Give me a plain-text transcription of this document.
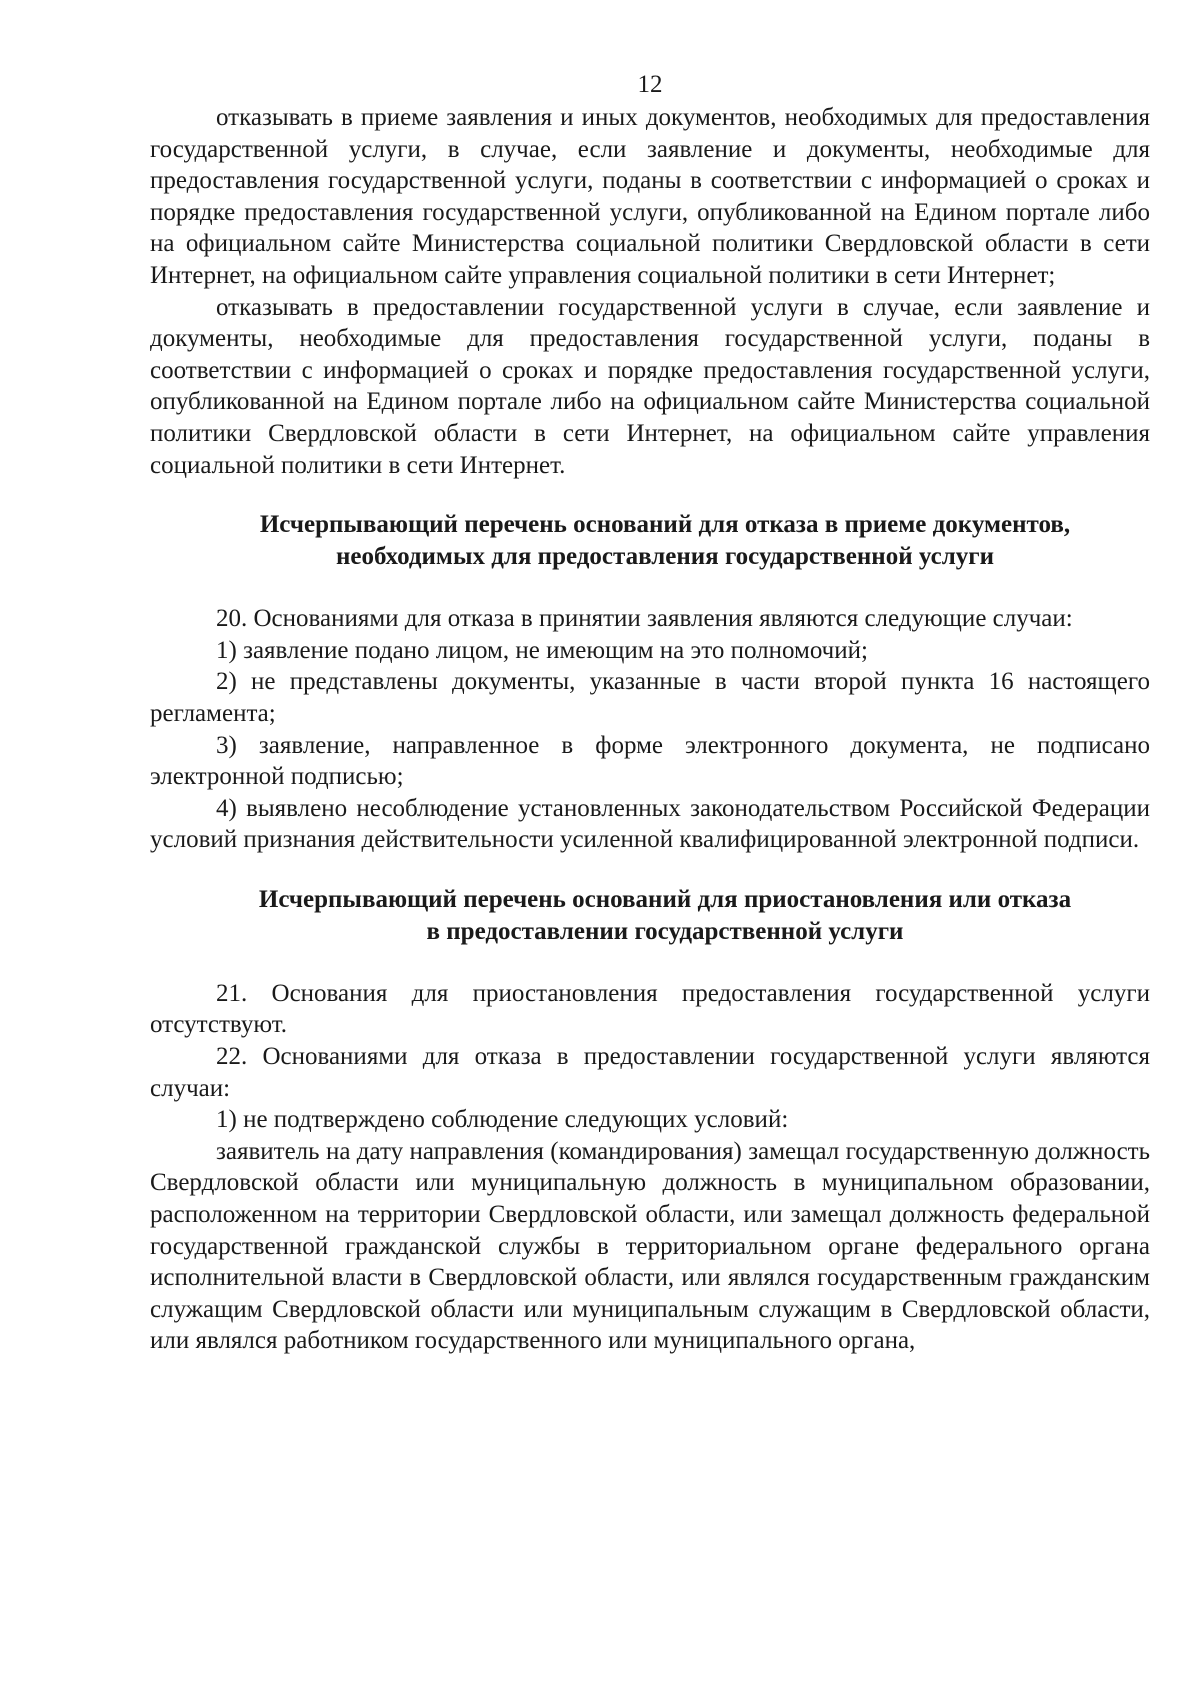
12

отказывать в приеме заявления и иных документов, необходимых для предоставления государственной услуги, в случае, если заявление и документы, необходимые для предоставления государственной услуги, поданы в соответствии с информацией о сроках и порядке предоставления государственной услуги, опубликованной на Едином портале либо на официальном сайте Министерства социальной политики Свердловской области в сети Интернет, на официальном сайте управления социальной политики в сети Интернет;

отказывать в предоставлении государственной услуги в случае, если заявление и документы, необходимые для предоставления государственной услуги, поданы в соответствии с информацией о сроках и порядке предоставления государственной услуги, опубликованной на Едином портале либо на официальном сайте Министерства социальной политики Свердловской области в сети Интернет, на официальном сайте управления социальной политики в сети Интернет.

Исчерпывающий перечень оснований для отказа в приеме документов,

необходимых для предоставления государственной услуги

20. Основаниями для отказа в принятии заявления являются следующие случаи:

1) заявление подано лицом, не имеющим на это полномочий;

2) не представлены документы, указанные в части второй пункта 16 настоящего регламента;

3) заявление, направленное в форме электронного документа, не подписано электронной подписью;

4) выявлено несоблюдение установленных законодательством Российской Федерации условий признания действительности усиленной квалифицированной электронной подписи.

Исчерпывающий перечень оснований для приостановления или отказа

в предоставлении государственной услуги

21. Основания для приостановления предоставления государственной услуги отсутствуют.

22. Основаниями для отказа в предоставлении государственной услуги являются случаи:

1) не подтверждено соблюдение следующих условий:

заявитель на дату направления (командирования) замещал государственную должность Свердловской области или муниципальную должность в муниципальном образовании, расположенном на территории Свердловской области, или замещал должность федеральной государственной гражданской службы в территориальном органе федерального органа исполнительной власти в Свердловской области, или являлся государственным гражданским служащим Свердловской области или муниципальным служащим в Свердловской области, или являлся работником государственного или муниципального органа,
